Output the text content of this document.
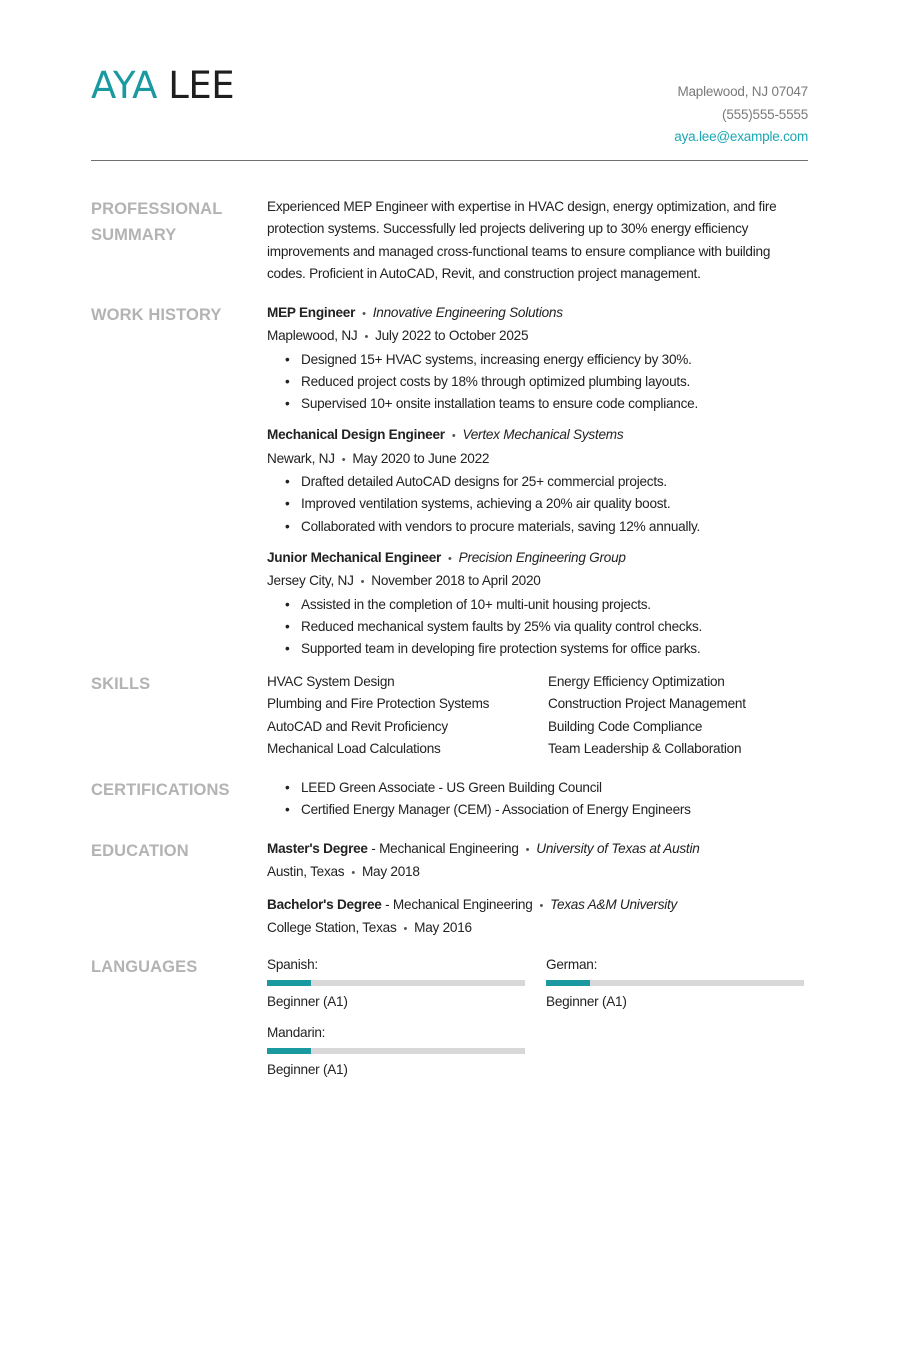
AYA LEE	Maplewood, NJ 07047
(555)555-5555
aya.lee@example.com
PROFESSIONAL SUMMARY

Experienced MEP Engineer with expertise in HVAC design, energy optimization, and fire protection systems. Successfully led projects delivering up to 30% energy efficiency improvements and managed cross-functional teams to ensure compliance with building codes. Proficient in AutoCAD, Revit, and construction project management.

WORK HISTORY	MEP Engineer • Innovative Engineering Solutions
Maplewood, NJ • July 2022 to October 2025
• Designed 15+ HVAC systems, increasing energy efficiency by 30%.
• Reduced project costs by 18% through optimized plumbing layouts.
• Supervised 10+ onsite installation teams to ensure code compliance.
Mechanical Design Engineer • Vertex Mechanical Systems
Newark, NJ • May 2020 to June 2022
• Drafted detailed AutoCAD designs for 25+ commercial projects.
• Improved ventilation systems, achieving a 20% air quality boost.
• Collaborated with vendors to procure materials, saving 12% annually.
Junior Mechanical Engineer • Precision Engineering Group
Jersey City, NJ • November 2018 to April 2020
• Assisted in the completion of 10+ multi-unit housing projects.
• Reduced mechanical system faults by 25% via quality control checks.
• Supported team in developing fire protection systems for office parks.
SKILLS	HVAC System Design	Energy Efficiency Optimization
Plumbing and Fire Protection Systems	Construction Project Management
AutoCAD and Revit Proficiency	Building Code Compliance
Mechanical Load Calculations	Team Leadership & Collaboration
CERTIFICATIONS
•	LEED Green Associate - US Green Building Council
• Certified Energy Manager (CEM) - Association of Energy Engineers
EDUCATION	Master's Degree - Mechanical Engineering • University of Texas at Austin
Austin, Texas • May 2018
Bachelor's Degree - Mechanical Engineering • Texas A&M University
College Station, Texas • May 2016
LANGUAGES	Spanish:
Beginner (A1)
German:
Beginner (A1)
Mandarin:
Beginner (A1)
